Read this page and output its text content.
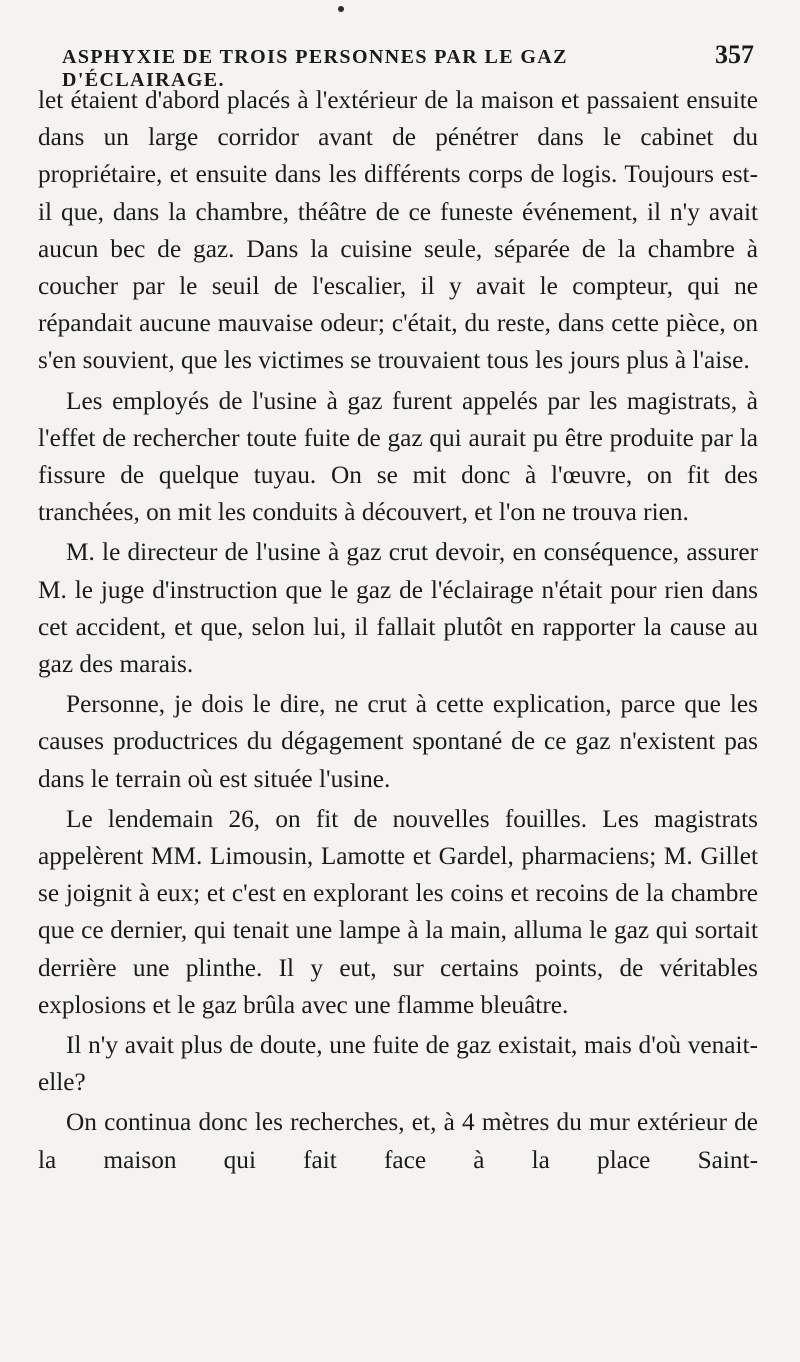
ASPHYXIE DE TROIS PERSONNES PAR LE GAZ D'ÉCLAIRAGE.
357

let étaient d'abord placés à l'extérieur de la maison et passaient ensuite dans un large corridor avant de pénétrer dans le cabinet du propriétaire, et ensuite dans les différents corps de logis. Toujours est-il que, dans la chambre, théâtre de ce funeste événement, il n'y avait aucun bec de gaz. Dans la cuisine seule, séparée de la chambre à coucher par le seuil de l'escalier, il y avait le compteur, qui ne répandait aucune mauvaise odeur; c'était, du reste, dans cette pièce, on s'en souvient, que les victimes se trouvaient tous les jours plus à l'aise.

Les employés de l'usine à gaz furent appelés par les magistrats, à l'effet de rechercher toute fuite de gaz qui aurait pu être produite par la fissure de quelque tuyau. On se mit donc à l'œuvre, on fit des tranchées, on mit les conduits à découvert, et l'on ne trouva rien.

M. le directeur de l'usine à gaz crut devoir, en conséquence, assurer M. le juge d'instruction que le gaz de l'éclairage n'était pour rien dans cet accident, et que, selon lui, il fallait plutôt en rapporter la cause au gaz des marais.

Personne, je dois le dire, ne crut à cette explication, parce que les causes productrices du dégagement spontané de ce gaz n'existent pas dans le terrain où est située l'usine.

Le lendemain 26, on fit de nouvelles fouilles. Les magistrats appelèrent MM. Limousin, Lamotte et Gardel, pharmaciens; M. Gillet se joignit à eux; et c'est en explorant les coins et recoins de la chambre que ce dernier, qui tenait une lampe à la main, alluma le gaz qui sortait derrière une plinthe. Il y eut, sur certains points, de véritables explosions et le gaz brûla avec une flamme bleuâtre.

Il n'y avait plus de doute, une fuite de gaz existait, mais d'où venait-elle?

On continua donc les recherches, et, à 4 mètres du mur extérieur de la maison qui fait face à la place Saint-
